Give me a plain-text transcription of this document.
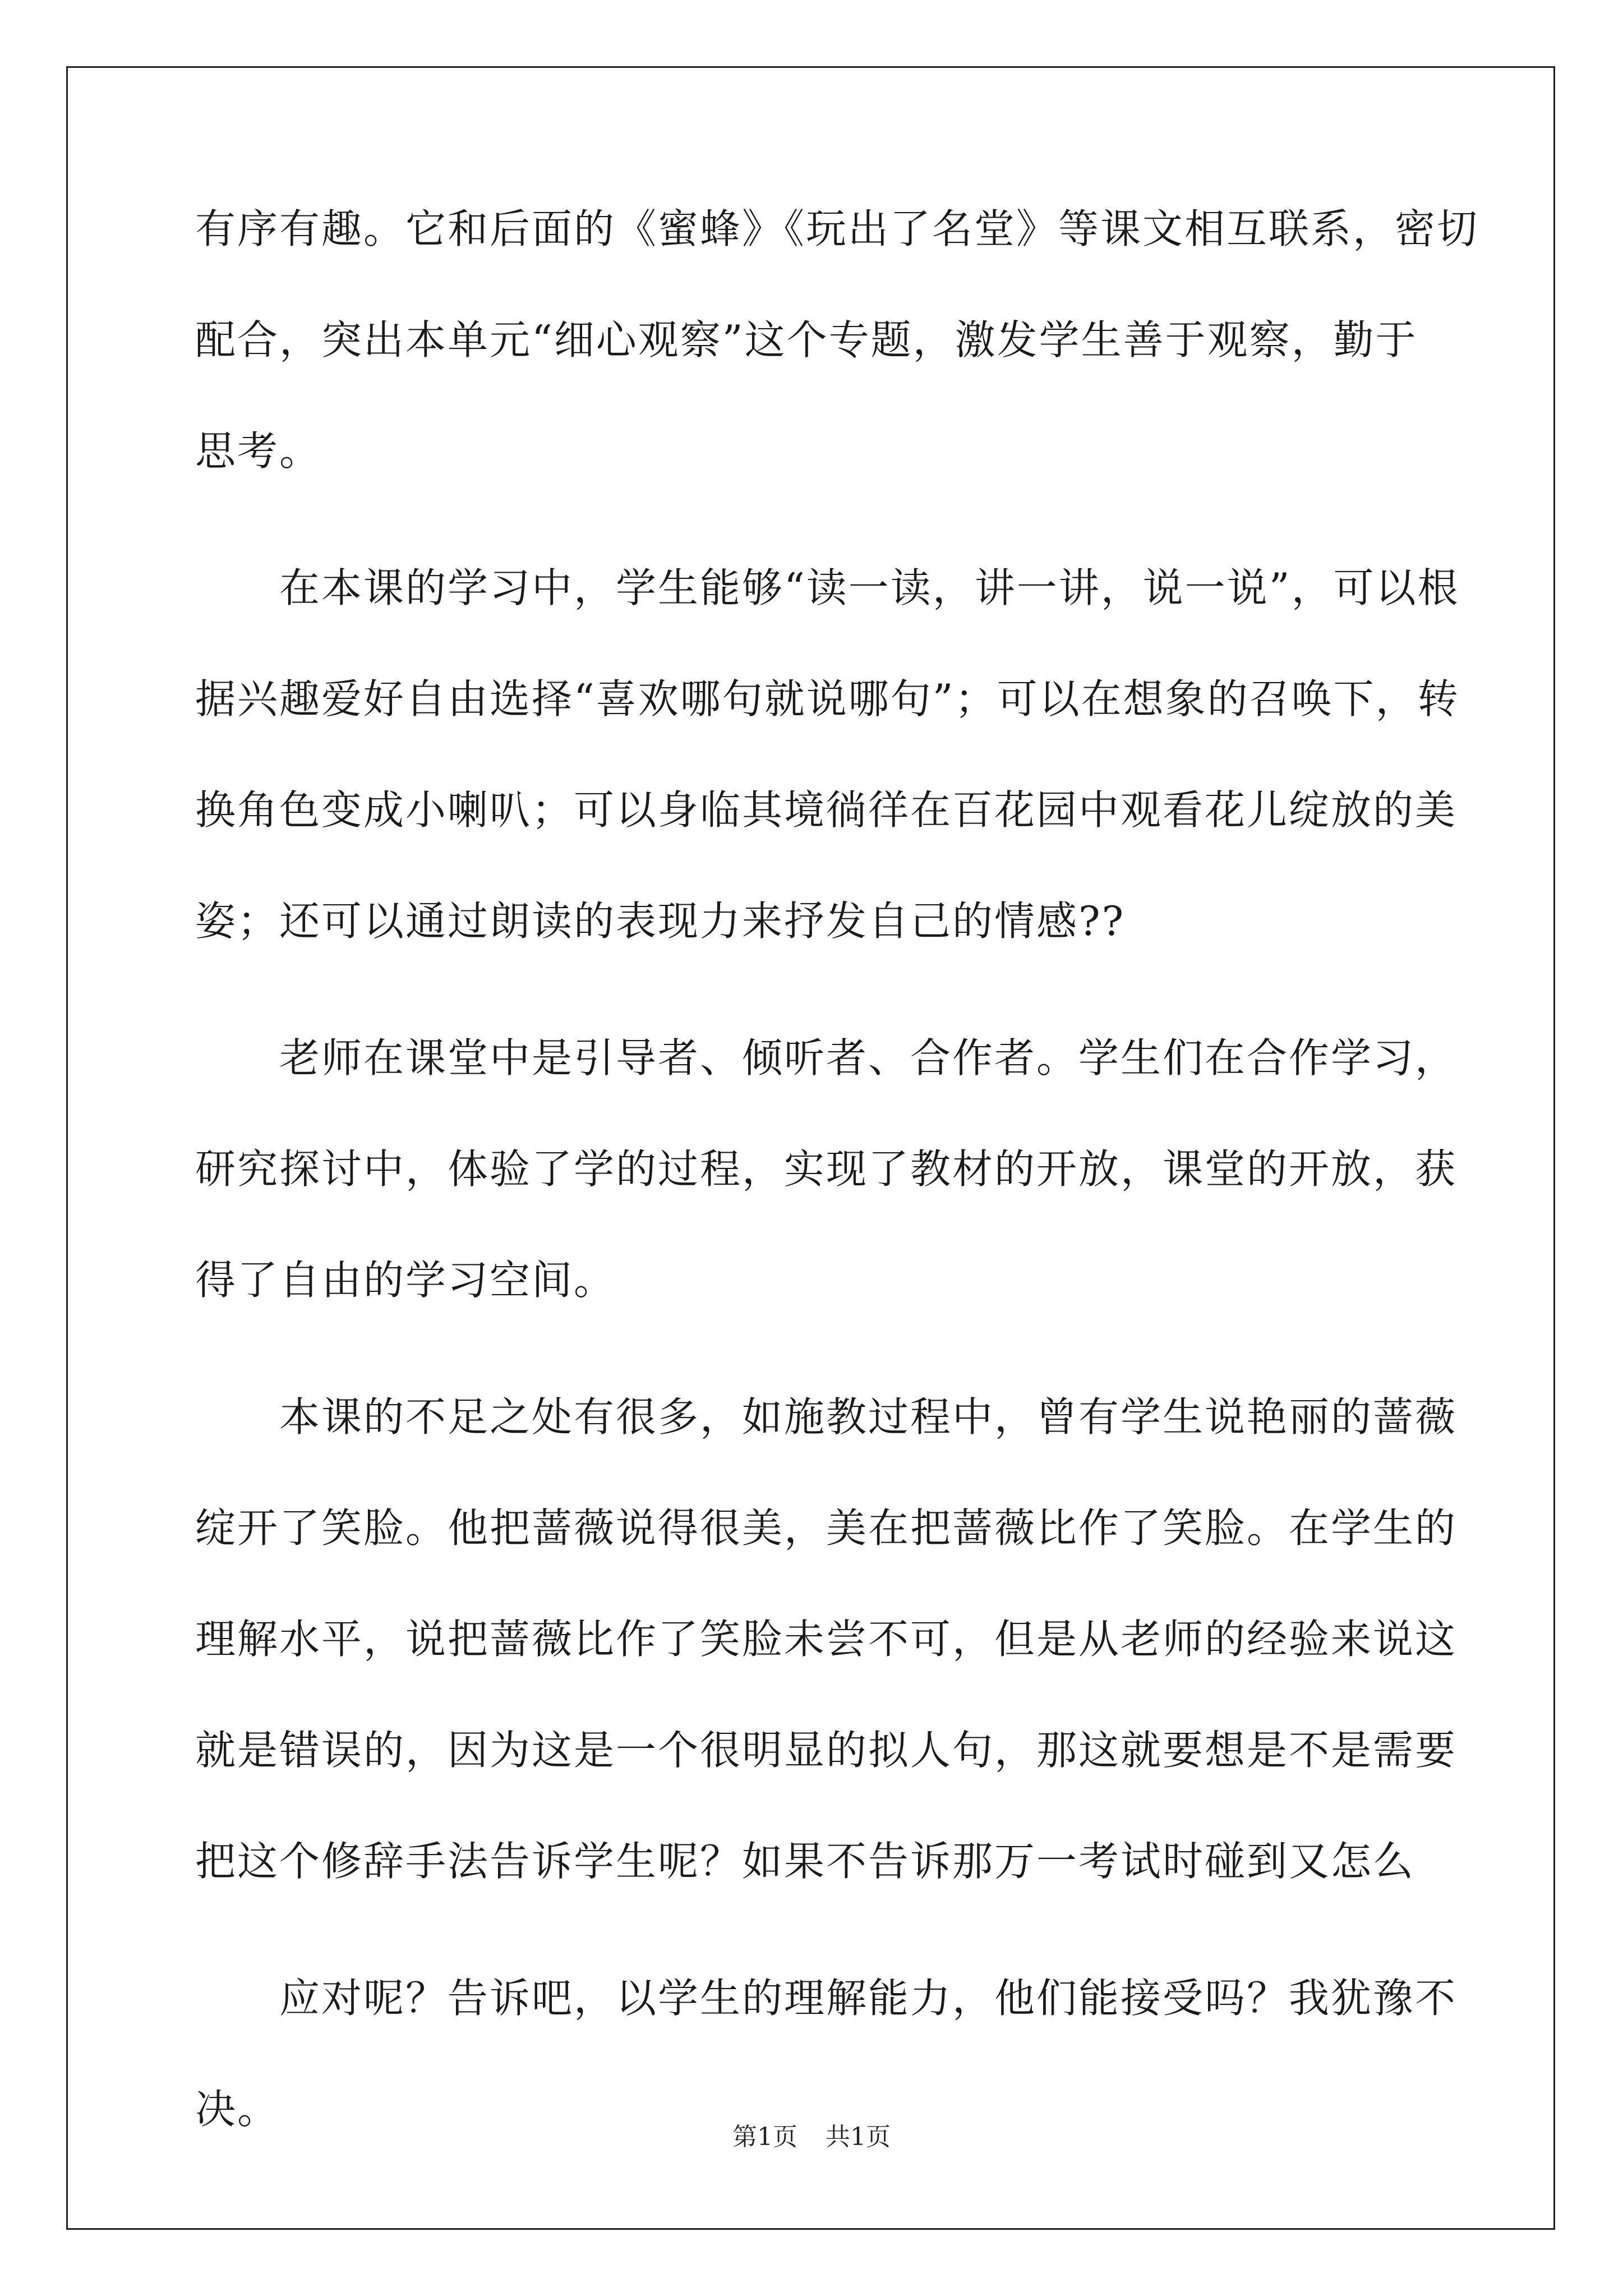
有序有趣。它和后面的《蜜蜂》《玩出了名堂》等课文相互联系，密切
配合，突出本单元“细心观察”这个专题，激发学生善于观察，勤于
思考。
　　在本课的学习中，学生能够“读一读，讲一讲，说一说”，可以根
据兴趣爱好自由选择“喜欢哪句就说哪句”；可以在想象的召唤下，转
换角色变成小喇叭；可以身临其境徜徉在百花园中观看花儿绽放的美
姿；还可以通过朗读的表现力来抒发自己的情感??
　　老师在课堂中是引导者、倾听者、合作者。学生们在合作学习，
研究探讨中，体验了学的过程，实现了教材的开放，课堂的开放，获
得了自由的学习空间。
　　本课的不足之处有很多，如施教过程中，曾有学生说艳丽的蔷薇
绽开了笑脸。他把蔷薇说得很美，美在把蔷薇比作了笑脸。在学生的
理解水平，说把蔷薇比作了笑脸未尝不可，但是从老师的经验来说这
就是错误的，因为这是一个很明显的拟人句，那这就要想是不是需要
把这个修辞手法告诉学生呢？如果不告诉那万一考试时碰到又怎么
　　应对呢？告诉吧，以学生的理解能力，他们能接受吗？我犹豫不
决。
第1页 共1页
